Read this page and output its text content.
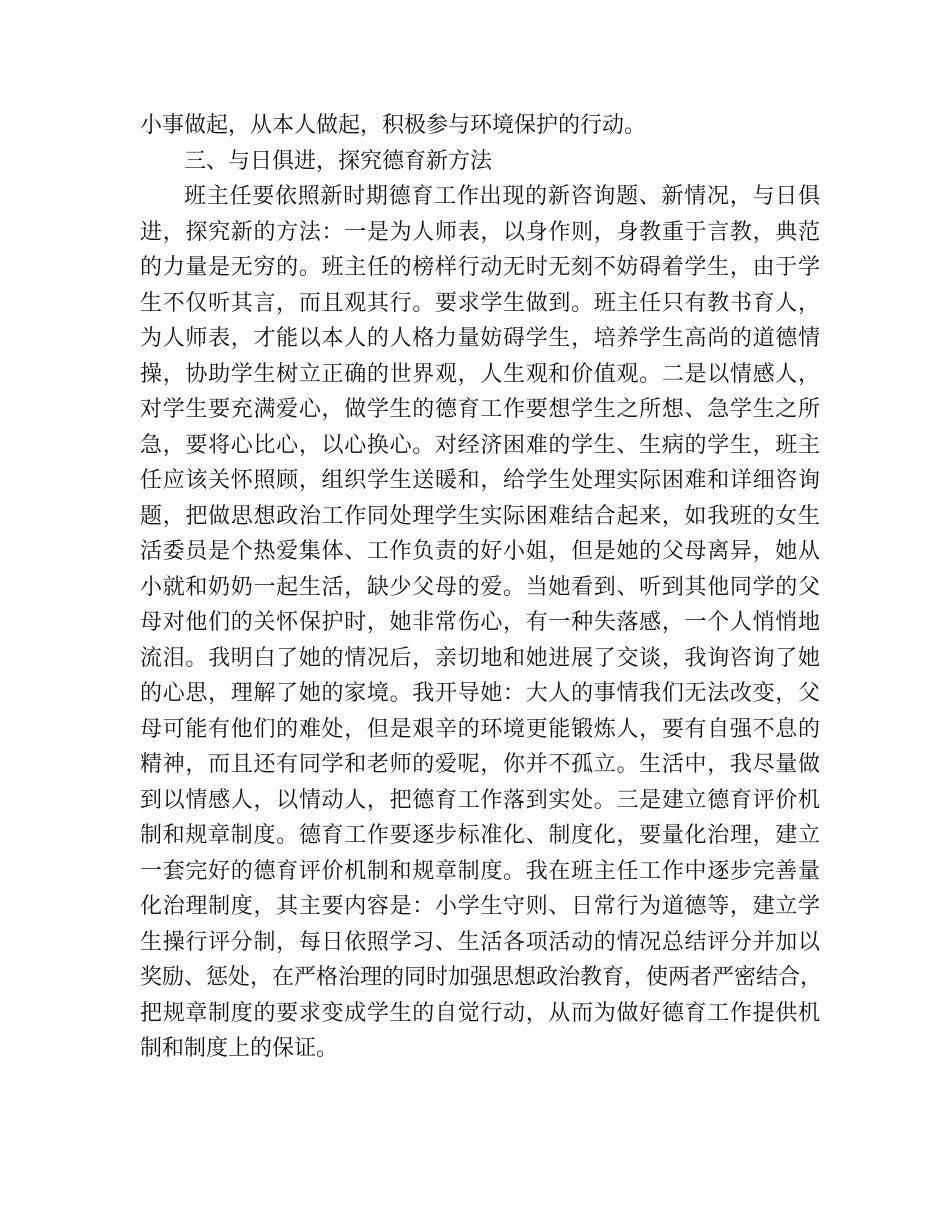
小事做起，从本人做起，积极参与环境保护的行动。
三、与日俱进，探究德育新方法
班主任要依照新时期德育工作出现的新咨询题、新情况，与日俱
进，探究新的方法：一是为人师表，以身作则，身教重于言教，典范
的力量是无穷的。班主任的榜样行动无时无刻不妨碍着学生，由于学
生不仅听其言，而且观其行。要求学生做到。班主任只有教书育人，
为人师表，才能以本人的人格力量妨碍学生，培养学生高尚的道德情
操，协助学生树立正确的世界观，人生观和价值观。二是以情感人，
对学生要充满爱心，做学生的德育工作要想学生之所想、急学生之所
急，要将心比心，以心换心。对经济困难的学生、生病的学生，班主
任应该关怀照顾，组织学生送暖和，给学生处理实际困难和详细咨询
题，把做思想政治工作同处理学生实际困难结合起来，如我班的女生
活委员是个热爱集体、工作负责的好小姐，但是她的父母离异，她从
小就和奶奶一起生活，缺少父母的爱。当她看到、听到其他同学的父
母对他们的关怀保护时，她非常伤心，有一种失落感，一个人悄悄地
流泪。我明白了她的情况后，亲切地和她进展了交谈，我询咨询了她
的心思，理解了她的家境。我开导她：大人的事情我们无法改变，父
母可能有他们的难处，但是艰辛的环境更能锻炼人，要有自强不息的
精神，而且还有同学和老师的爱呢，你并不孤立。生活中，我尽量做
到以情感人，以情动人，把德育工作落到实处。三是建立德育评价机
制和规章制度。德育工作要逐步标准化、制度化，要量化治理，建立
一套完好的德育评价机制和规章制度。我在班主任工作中逐步完善量
化治理制度，其主要内容是：小学生守则、日常行为道德等，建立学
生操行评分制，每日依照学习、生活各项活动的情况总结评分并加以
奖励、惩处，在严格治理的同时加强思想政治教育，使两者严密结合，
把规章制度的要求变成学生的自觉行动，从而为做好德育工作提供机
制和制度上的保证。
